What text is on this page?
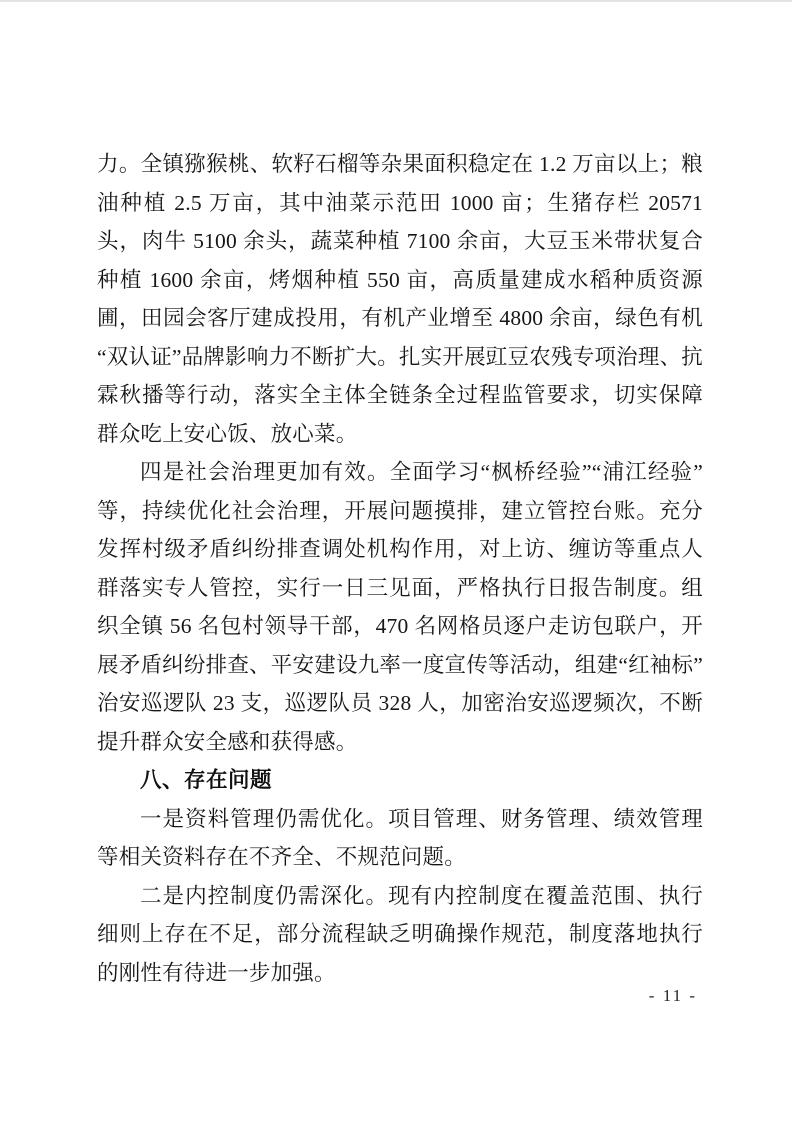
力。全镇猕猴桃、软籽石榴等杂果面积稳定在 1.2 万亩以上；粮油种植 2.5 万亩，其中油菜示范田 1000 亩；生猪存栏 20571 头，肉牛 5100 余头，蔬菜种植 7100 余亩，大豆玉米带状复合种植 1600 余亩，烤烟种植 550 亩，高质量建成水稻种质资源圃，田园会客厅建成投用，有机产业增至 4800 余亩，绿色有机“双认证”品牌影响力不断扩大。扎实开展豇豆农残专项治理、抗霖秋播等行动，落实全主体全链条全过程监管要求，切实保障群众吃上安心饭、放心菜。

四是社会治理更加有效。全面学习“枫桥经验”“浦江经验”等，持续优化社会治理，开展问题摸排，建立管控台账。充分发挥村级矛盾纠纷排查调处机构作用，对上访、缠访等重点人群落实专人管控，实行一日三见面，严格执行日报告制度。组织全镇 56 名包村领导干部，470 名网格员逐户走访包联户，开展矛盾纠纷排查、平安建设九率一度宣传等活动，组建“红袖标”治安巡逻队 23 支，巡逻队员 328 人，加密治安巡逻频次，不断提升群众安全感和获得感。

八、存在问题

一是资料管理仍需优化。项目管理、财务管理、绩效管理等相关资料存在不齐全、不规范问题。

二是内控制度仍需深化。现有内控制度在覆盖范围、执行细则上存在不足，部分流程缺乏明确操作规范，制度落地执行的刚性有待进一步加强。

- 11 -
